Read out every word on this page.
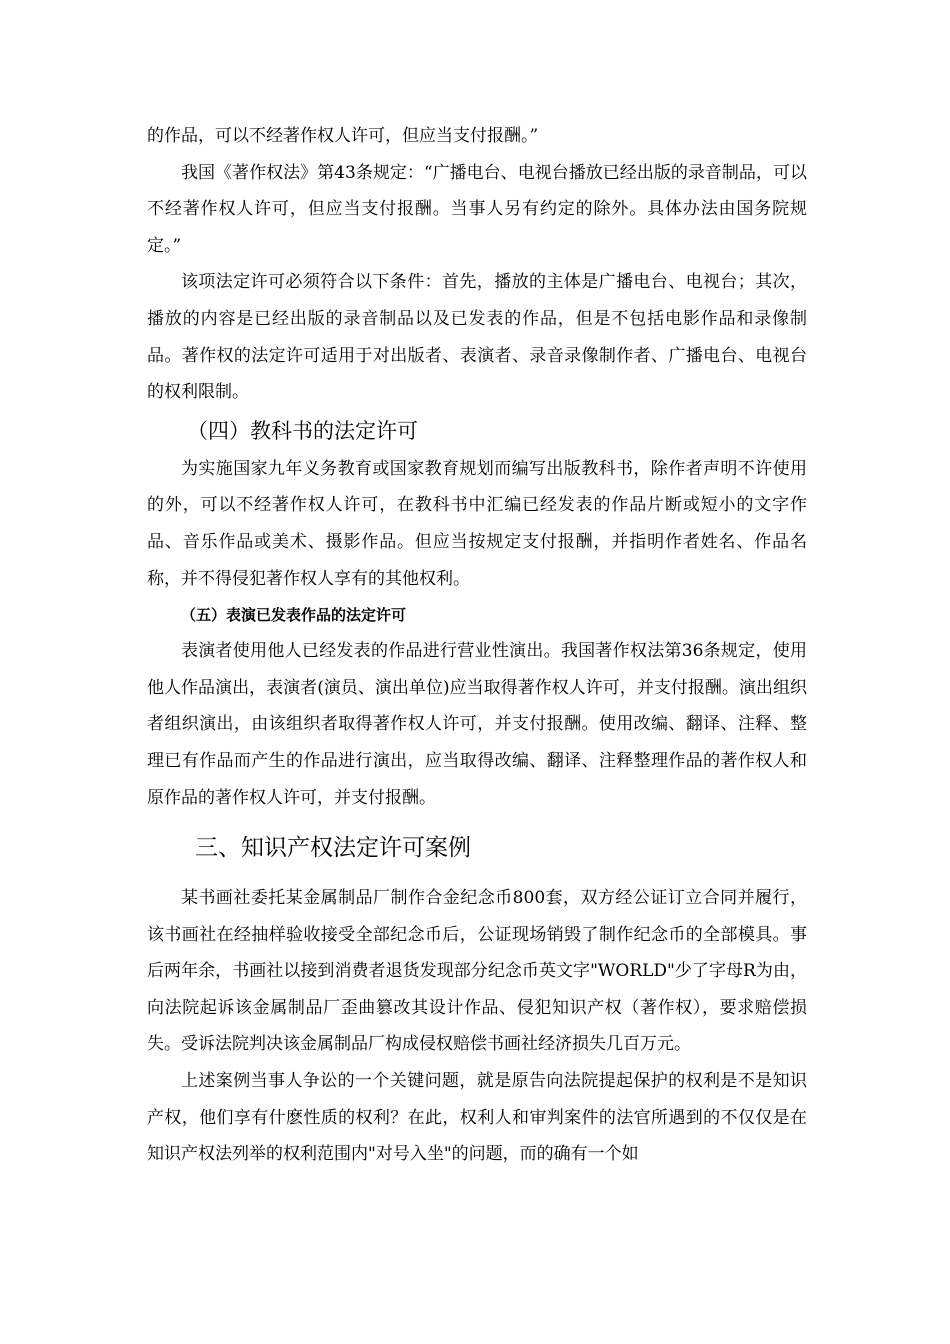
的作品，可以不经著作权人许可，但应当支付报酬。”

我国《著作权法》第43条规定：“广播电台、电视台播放已经出版的录音制品，可以不经著作权人许可，但应当支付报酬。当事人另有约定的除外。具体办法由国务院规定。”

该项法定许可必须符合以下条件：首先，播放的主体是广播电台、电视台；其次，播放的内容是已经出版的录音制品以及已发表的作品，但是不包括电影作品和录像制品。著作权的法定许可适用于对出版者、表演者、录音录像制作者、广播电台、电视台的权利限制。

（四）教科书的法定许可

为实施国家九年义务教育或国家教育规划而编写出版教科书，除作者声明不许使用的外，可以不经著作权人许可，在教科书中汇编已经发表的作品片断或短小的文字作品、音乐作品或美术、摄影作品。但应当按规定支付报酬，并指明作者姓名、作品名称，并不得侵犯著作权人享有的其他权利。

（五）表演已发表作品的法定许可

表演者使用他人已经发表的作品进行营业性演出。我国著作权法第36条规定，使用他人作品演出，表演者(演员、演出单位)应当取得著作权人许可，并支付报酬。演出组织者组织演出，由该组织者取得著作权人许可，并支付报酬。使用改编、翻译、注释、整理已有作品而产生的作品进行演出，应当取得改编、翻译、注释整理作品的著作权人和原作品的著作权人许可，并支付报酬。

三、知识产权法定许可案例

某书画社委托某金属制品厂制作合金纪念币800套，双方经公证订立合同并履行，该书画社在经抽样验收接受全部纪念币后，公证现场销毁了制作纪念币的全部模具。事后两年余，书画社以接到消费者退货发现部分纪念币英文字"WORLD"少了字母R为由，向法院起诉该金属制品厂歪曲篡改其设计作品、侵犯知识产权（著作权），要求赔偿损失。受诉法院判决该金属制品厂构成侵权赔偿书画社经济损失几百万元。

上述案例当事人争讼的一个关键问题，就是原告向法院提起保护的权利是不是知识产权，他们享有什麽性质的权利？在此，权利人和审判案件的法官所遇到的不仅仅是在知识产权法列举的权利范围内"对号入坐"的问题，而的确有一个如
